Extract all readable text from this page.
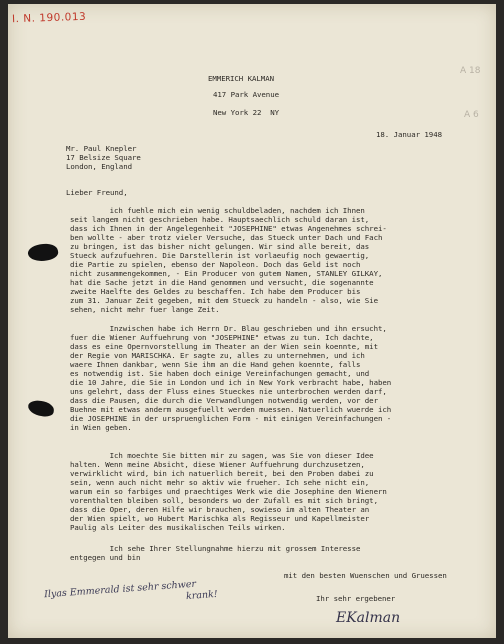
I. N. 190.013
A 18
A 6
EMMERICH KALMAN
417 Park Avenue
New York 22  NY
18. Januar 1948
Mr. Paul Knepler
17 Belsize Square
London, England
Lieber Freund,
ich fuehle mich ein wenig schuldbeladen, nachdem ich Ihnen
seit langem nicht geschrieben habe. Hauptsaechlich schuld daran ist,
dass ich Ihnen in der Angelegenheit "JOSEPHINE" etwas Angenehmes schrei-
ben wollte - aber trotz vieler Versuche, das Stueck unter Dach und Fach
zu bringen, ist das bisher nicht gelungen. Wir sind alle bereit, das
Stueck aufzufuehren. Die Darstellerin ist vorlaeufig noch gewaertig,
die Partie zu spielen, ebenso der Napoleon. Doch das Geld ist noch
nicht zusammengekommen, - Ein Producer von gutem Namen, STANLEY GILKAY,
hat die Sache jetzt in die Hand genommen und versucht, die sogenannte
zweite Haelfte des Geldes zu beschaffen. Ich habe dem Producer bis
zum 31. Januar Zeit gegeben, mit dem Stueck zu handeln - also, wie Sie
sehen, nicht mehr fuer lange Zeit.
Inzwischen habe ich Herrn Dr. Blau geschrieben und ihn ersucht,
fuer die Wiener Auffuehrung von "JOSEPHINE" etwas zu tun. Ich dachte,
dass es eine Opernvorstellung im Theater an der Wien sein koennte, mit
der Regie von MARISCHKA. Er sagte zu, alles zu unternehmen, und ich
waere Ihnen dankbar, wenn Sie ihm an die Hand gehen koennte, falls
es notwendig ist. Sie haben doch einige Vereinfachungen gemacht, und
die 10 Jahre, die Sie in London und ich in New York verbracht habe, haben
uns gelehrt, dass der Fluss eines Stueckes nie unterbrochen werden darf,
dass die Pausen, die durch die Verwandlungen notwendig werden, vor der
Buehne mit etwas anderm ausgefuellt werden muessen. Natuerlich wuerde ich
die JOSEPHINE in der urspruenglichen Form - mit einigen Vereinfachungen -
in Wien geben.
Ich moechte Sie bitten mir zu sagen, was Sie von dieser Idee
halten. Wenn meine Absicht, diese Wiener Auffuehrung durchzusetzen,
verwirklicht wird, bin ich natuerlich bereit, bei den Proben dabei zu
sein, wenn auch nicht mehr so aktiv wie frueher. Ich sehe nicht ein,
warum ein so farbiges und praechtiges Werk wie die Josephine den Wienern
vorenthalten bleiben soll, besonders wo der Zufall es mit sich bringt,
dass die Oper, deren Hilfe wir brauchen, sowieso im alten Theater an
der Wien spielt, wo Hubert Marischka als Regisseur und Kapellmeister
Paulig als Leiter des musikalischen Teils wirken.
Ich sehe Ihrer Stellungnahme hierzu mit grossem Interesse
entgegen und bin
mit den besten Wuenschen und Gruessen
Ihr sehr ergebener
Ilyas Emmerald ist sehr schwer
krank!
EKalman
